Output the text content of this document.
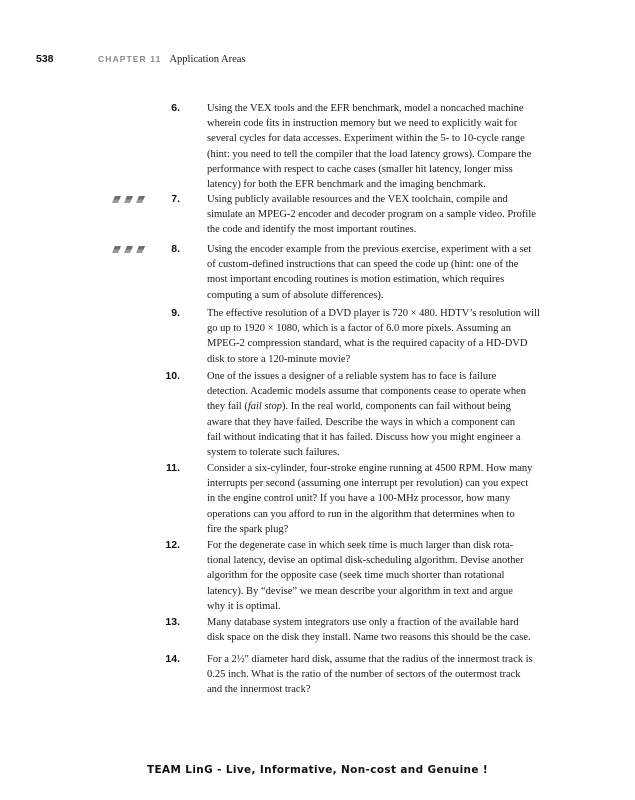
538	CHAPTER 11 Application Areas
6.	Using the VEX tools and the EFR benchmark, model a noncached machine
wherein code fits in instruction memory but we need to explicitly wait for
several cycles for data accesses. Experiment within the 5- to 10-cycle range
(hint: you need to tell the compiler that the load latency grows). Compare the
performance with respect to cache cases (smaller hit latency, longer miss
latency) for both the EFR benchmark and the imaging benchmark.
7.	Using publicly available resources and the VEX toolchain, compile and
simulate an MPEG-2 encoder and decoder program on a sample video. Profile
the code and identify the most important routines.
8.	Using the encoder example from the previous exercise, experiment with a set
of custom-defined instructions that can speed the code up (hint: one of the
most important encoding routines is motion estimation, which requires
computing a sum of absolute differences).
9.	The effective resolution of a DVD player is 720 × 480. HDTV’s resolution will
go up to 1920 × 1080, which is a factor of 6.0 more pixels. Assuming an
MPEG-2 compression standard, what is the required capacity of a HD-DVD
disk to store a 120-minute movie?
10.	One of the issues a designer of a reliable system has to face is failure
detection. Academic models assume that components cease to operate when
they fail (fail stop). In the real world, components can fail without being
aware that they have failed. Describe the ways in which a component can
fail without indicating that it has failed. Discuss how you might engineer a
system to tolerate such failures.
11.	Consider a six-cylinder, four-stroke engine running at 4500 RPM. How many
interrupts per second (assuming one interrupt per revolution) can you expect
in the engine control unit? If you have a 100-MHz processor, how many
operations can you afford to run in the algorithm that determines when to
fire the spark plug?
12.	For the degenerate case in which seek time is much larger than disk rota-
tional latency, devise an optimal disk-scheduling algorithm. Devise another
algorithm for the opposite case (seek time much shorter than rotational
latency). By “devise” we mean describe your algorithm in text and argue
why it is optimal.
13.	Many database system integrators use only a fraction of the available hard
disk space on the disk they install. Name two reasons this should be the case.
14.	For a 2½" diameter hard disk, assume that the radius of the innermost track is
0.25 inch. What is the ratio of the number of sectors of the outermost track
and the innermost track?
TEAM LinG - Live, Informative, Non-cost and Genuine !
